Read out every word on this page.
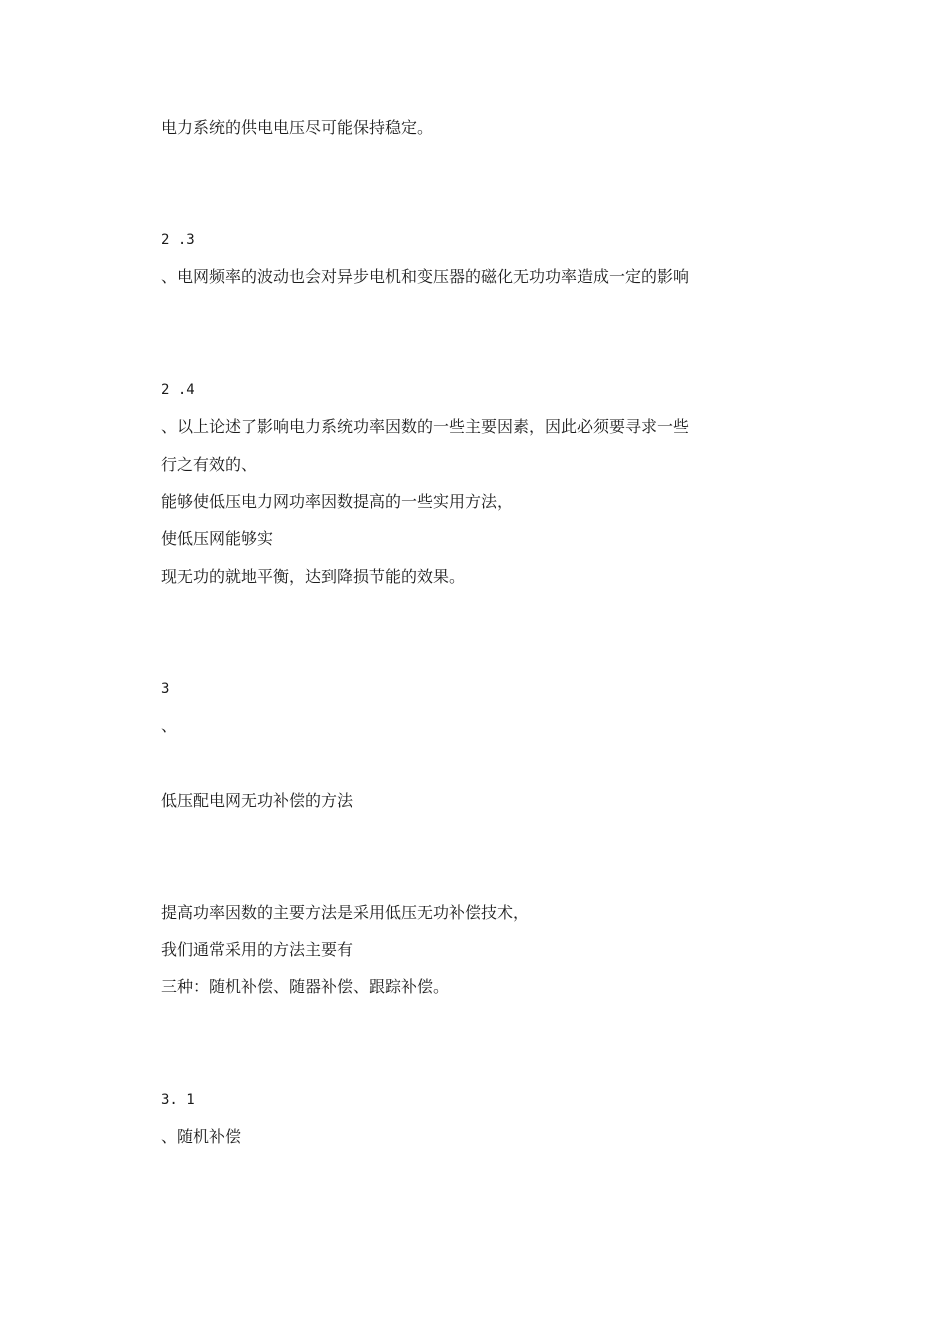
电力系统的供电电压尽可能保持稳定。
2 .3
、电网频率的波动也会对异步电机和变压器的磁化无功功率造成一定的影响
2 .4
、以上论述了影响电力系统功率因数的一些主要因素，因此必须要寻求一些
行之有效的、
能够使低压电力网功率因数提高的一些实用方法，
使低压网能够实
现无功的就地平衡，达到降损节能的效果。
3
、
低压配电网无功补偿的方法
提高功率因数的主要方法是采用低压无功补偿技术，
我们通常采用的方法主要有
三种：随机补偿、随器补偿、跟踪补偿。
3. 1
、随机补偿
